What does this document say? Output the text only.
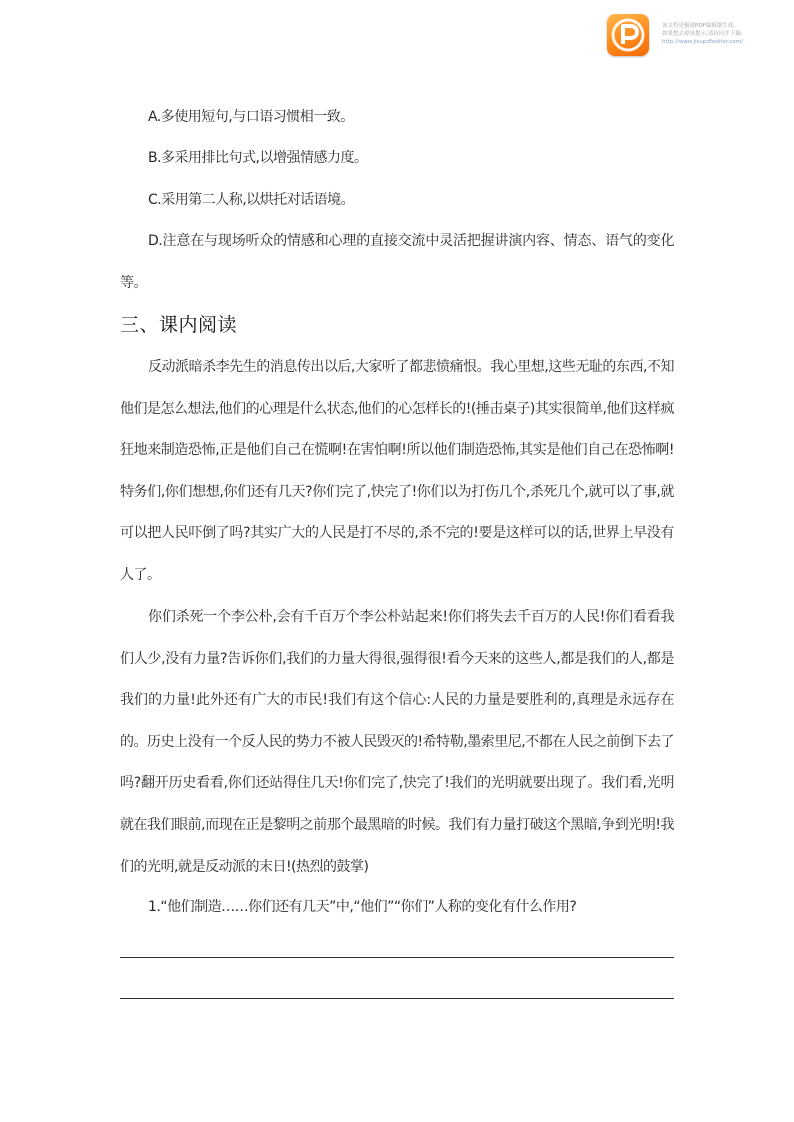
该文档是极速PDF编辑器生成,
如果想去掉该提示,请访问并下载:
http://www.jisupdfeditor.com/

A.多使用短句,与口语习惯相一致。

B.多采用排比句式,以增强情感力度。

C.采用第二人称,以烘托对话语境。

D.注意在与现场听众的情感和心理的直接交流中灵活把握讲演内容、情态、语气的变化等。

三、课内阅读

反动派暗杀李先生的消息传出以后,大家听了都悲愤痛恨。我心里想,这些无耻的东西,不知他们是怎么想法,他们的心理是什么状态,他们的心怎样长的!(捶击桌子)其实很简单,他们这样疯狂地来制造恐怖,正是他们自己在慌啊!在害怕啊!所以他们制造恐怖,其实是他们自己在恐怖啊!特务们,你们想想,你们还有几天?你们完了,快完了!你们以为打伤几个,杀死几个,就可以了事,就可以把人民吓倒了吗?其实广大的人民是打不尽的,杀不完的!要是这样可以的话,世界上早没有人了。

你们杀死一个李公朴,会有千百万个李公朴站起来!你们将失去千百万的人民!你们看看我们人少,没有力量?告诉你们,我们的力量大得很,强得很!看今天来的这些人,都是我们的人,都是我们的力量!此外还有广大的市民!我们有这个信心:人民的力量是要胜利的,真理是永远存在的。历史上没有一个反人民的势力不被人民毁灭的!希特勒,墨索里尼,不都在人民之前倒下去了吗?翻开历史看看,你们还站得住几天!你们完了,快完了!我们的光明就要出现了。我们看,光明就在我们眼前,而现在正是黎明之前那个最黑暗的时候。我们有力量打破这个黑暗,争到光明!我们的光明,就是反动派的末日!(热烈的鼓掌)

1.“他们制造……你们还有几天”中,“他们”“你们”人称的变化有什么作用?
